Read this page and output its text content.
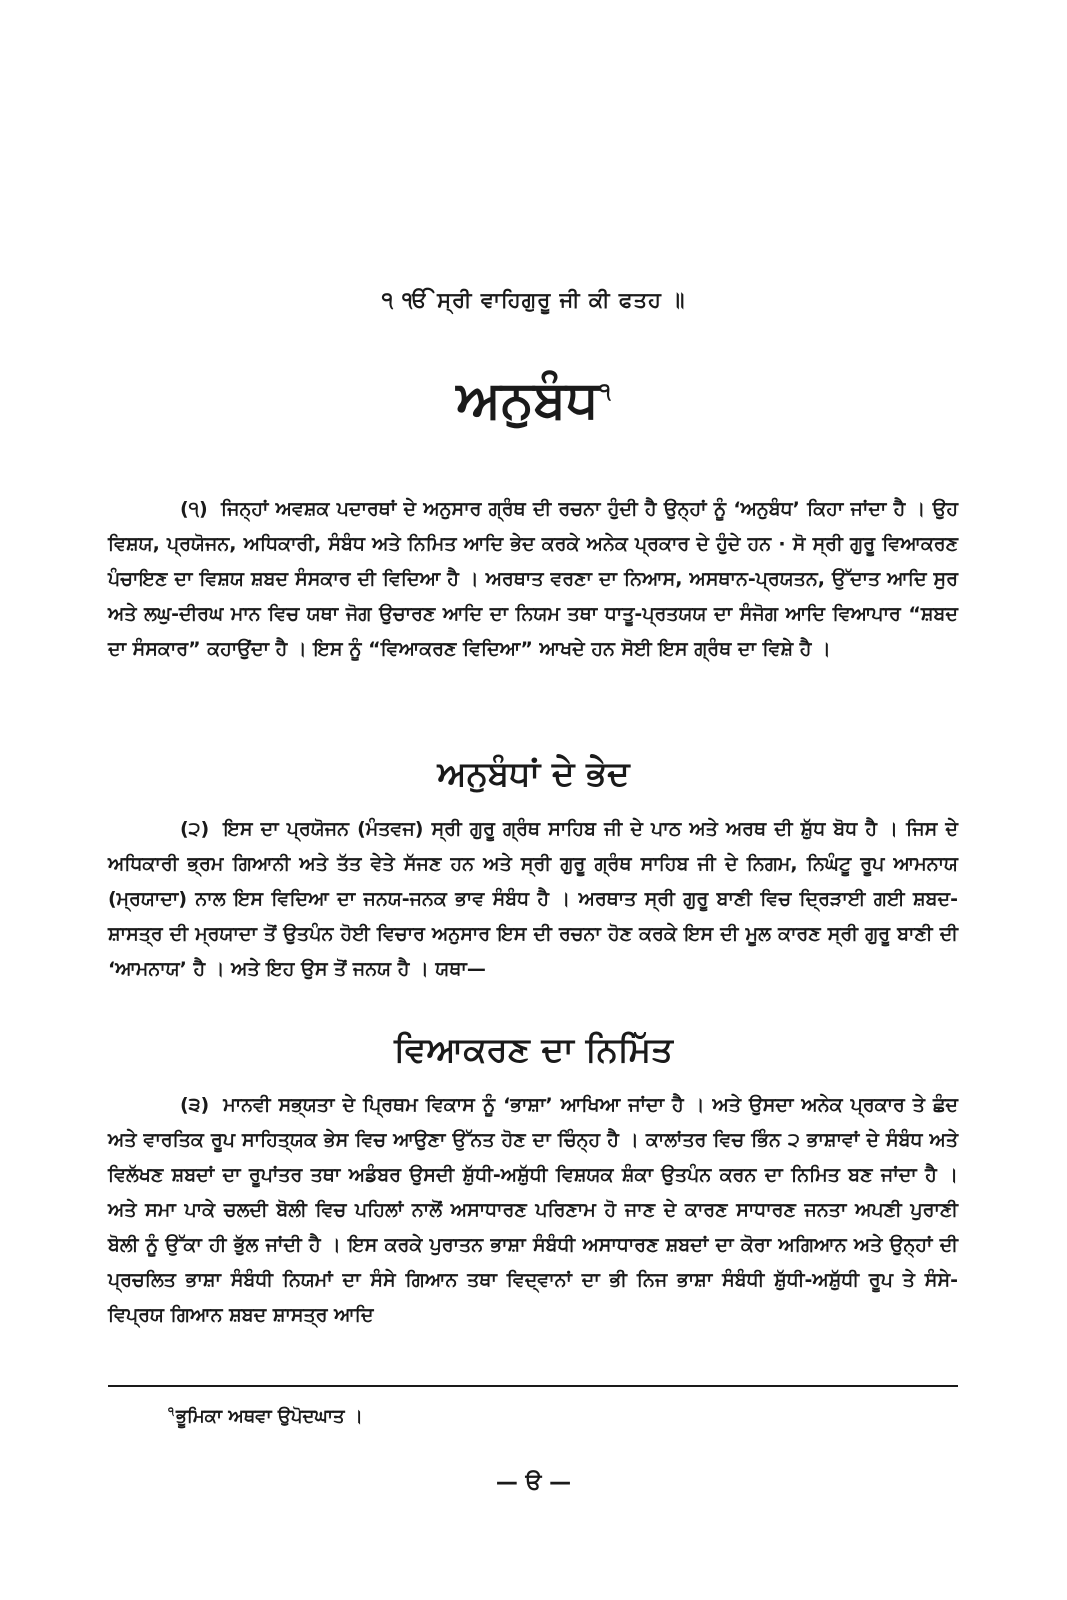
੧ ੴ ਸ੍ਰੀ ਵਾਹਿਗੁਰੂ ਜੀ ਕੀ ਫਤਹ ॥
ਅਨੁਬੰਧ$^੧$

(੧) ਜਿਨ੍ਹਾਂ ਅਵਸ਼ਕ ਪਦਾਰਥਾਂ ਦੇ ਅਨੁਸਾਰ ਗ੍ਰੰਥ ਦੀ ਰਚਨਾ ਹੁੰਦੀ ਹੈ ਉਨ੍ਹਾਂ ਨੂੰ ‘ਅਨੁਬੰਧ’ ਕਿਹਾ ਜਾਂਦਾ ਹੈ । ਉਹ ਵਿਸ਼ਯ, ਪ੍ਰਯੋਜਨ, ਅਧਿਕਾਰੀ, ਸੰਬੰਧ ਅਤੇ ਨਿਮਿਤ ਆਦਿ ਭੇਦ ਕਰਕੇ ਅਨੇਕ ਪ੍ਰਕਾਰ ਦੇ ਹੁੰਦੇ ਹਨ · ਸੋ ਸ੍ਰੀ ਗੁਰੂ ਵਿਆਕਰਣ ਪੰਚਾਇਣ ਦਾ ਵਿਸ਼ਯ ਸ਼ਬਦ ਸੰਸਕਾਰ ਦੀ ਵਿਦਿਆ ਹੈ । ਅਰਥਾਤ ਵਰਣਾ ਦਾ ਨਿਆਸ, ਅਸਥਾਨ-ਪ੍ਰਯਤਨ, ਉੱਦਾਤ ਆਦਿ ਸੁਰ ਅਤੇ ਲਘੁ-ਦੀਰਘ ਮਾਨ ਵਿਚ ਯਥਾ ਜੋਗ ਉਚਾਰਣ ਆਦਿ ਦਾ ਨਿਯਮ ਤਥਾ ਧਾਤੂ-ਪ੍ਰਤਯਯ ਦਾ ਸੰਜੋਗ ਆਦਿ ਵਿਆਪਾਰ “ਸ਼ਬਦ ਦਾ ਸੰਸਕਾਰ” ਕਹਾਉਂਦਾ ਹੈ । ਇਸ ਨੂੰ “ਵਿਆਕਰਣ ਵਿਦਿਆ” ਆਖਦੇ ਹਨ ਸੋਈ ਇਸ ਗ੍ਰੰਥ ਦਾ ਵਿਸ਼ੇ ਹੈ ।

ਅਨੁਬੰਧਾਂ ਦੇ ਭੇਦ

(੨) ਇਸ ਦਾ ਪ੍ਰਯੋਜਨ (ਮੰਤਵਜ) ਸ੍ਰੀ ਗੁਰੂ ਗ੍ਰੰਥ ਸਾਹਿਬ ਜੀ ਦੇ ਪਾਠ ਅਤੇ ਅਰਥ ਦੀ ਸ਼ੁੱਧ ਬੋਧ ਹੈ । ਜਿਸ ਦੇ ਅਧਿਕਾਰੀ ਭ੍ਰਮ ਗਿਆਨੀ ਅਤੇ ਤੱਤ ਵੇਤੇ ਸੱਜਣ ਹਨ ਅਤੇ ਸ੍ਰੀ ਗੁਰੂ ਗ੍ਰੰਥ ਸਾਹਿਬ ਜੀ ਦੇ ਨਿਗਮ, ਨਿਘੰਟੂ ਰੂਪ ਆਮਨਾਯ (ਮ੍ਰਯਾਦਾ) ਨਾਲ ਇਸ ਵਿਦਿਆ ਦਾ ਜਨਯ-ਜਨਕ ਭਾਵ ਸੰਬੰਧ ਹੈ । ਅਰਥਾਤ ਸ੍ਰੀ ਗੁਰੂ ਬਾਣੀ ਵਿਚ ਦ੍ਰਿੜਾਈ ਗਈ ਸ਼ਬਦ-ਸ਼ਾਸਤ੍ਰ ਦੀ ਮ੍ਰਯਾਦਾ ਤੋਂ ਉਤਪੰਨ ਹੋਈ ਵਿਚਾਰ ਅਨੁਸਾਰ ਇਸ ਦੀ ਰਚਨਾ ਹੋਣ ਕਰਕੇ ਇਸ ਦੀ ਮੂਲ ਕਾਰਣ ਸ੍ਰੀ ਗੁਰੂ ਬਾਣੀ ਦੀ ‘ਆਮਨਾਯ’ ਹੈ । ਅਤੇ ਇਹ ਉਸ ਤੋਂ ਜਨਯ ਹੈ । ਯਥਾ—

ਵਿਆਕਰਣ ਦਾ ਨਿਮਿੱਤ

(੩) ਮਾਨਵੀ ਸਭ੍ਯਤਾ ਦੇ ਪ੍ਰਿਥਮ ਵਿਕਾਸ ਨੂੰ ‘ਭਾਸ਼ਾ’ ਆਖਿਆ ਜਾਂਦਾ ਹੈ । ਅਤੇ ਉਸਦਾ ਅਨੇਕ ਪ੍ਰਕਾਰ ਤੇ ਛੰਦ ਅਤੇ ਵਾਰਤਿਕ ਰੂਪ ਸਾਹਿਤ੍ਯਕ ਭੇਸ ਵਿਚ ਆਉਣਾ ਉੱਨਤ ਹੋਣ ਦਾ ਚਿੰਨ੍ਹ ਹੈ । ਕਾਲਾਂਤਰ ਵਿਚ ਭਿੰਨ ੨ ਭਾਸ਼ਾਵਾਂ ਦੇ ਸੰਬੰਧ ਅਤੇ ਵਿਲੱਖਣ ਸ਼ਬਦਾਂ ਦਾ ਰੂਪਾਂਤਰ ਤਥਾ ਅਡੰਬਰ ਉਸਦੀ ਸ਼ੁੱਧੀ-ਅਸ਼ੁੱਧੀ ਵਿਸ਼ਯਕ ਸ਼ੰਕਾ ਉਤਪੰਨ ਕਰਨ ਦਾ ਨਿਮਿਤ ਬਣ ਜਾਂਦਾ ਹੈ । ਅਤੇ ਸਮਾ ਪਾਕੇ ਚਲਦੀ ਬੋਲੀ ਵਿਚ ਪਹਿਲਾਂ ਨਾਲੋਂ ਅਸਾਧਾਰਣ ਪਰਿਣਾਮ ਹੋ ਜਾਣ ਦੇ ਕਾਰਣ ਸਾਧਾਰਣ ਜਨਤਾ ਅਪਣੀ ਪੁਰਾਣੀ ਬੋਲੀ ਨੂੰ ਉੱਕਾ ਹੀ ਭੁੱਲ ਜਾਂਦੀ ਹੈ । ਇਸ ਕਰਕੇ ਪੁਰਾਤਨ ਭਾਸ਼ਾ ਸੰਬੰਧੀ ਅਸਾਧਾਰਣ ਸ਼ਬਦਾਂ ਦਾ ਕੋਰਾ ਅਗਿਆਨ ਅਤੇ ਉਨ੍ਹਾਂ ਦੀ ਪ੍ਰਚਲਿਤ ਭਾਸ਼ਾ ਸੰਬੰਧੀ ਨਿਯਮਾਂ ਦਾ ਸੰਸੇ ਗਿਆਨ ਤਥਾ ਵਿਦ੍ਵਾਨਾਂ ਦਾ ਭੀ ਨਿਜ ਭਾਸ਼ਾ ਸੰਬੰਧੀ ਸ਼ੁੱਧੀ-ਅਸ਼ੁੱਧੀ ਰੂਪ ਤੇ ਸੰਸੇ-ਵਿਪ੍ਰਯ ਗਿਆਨ ਸ਼ਬਦ ਸ਼ਾਸਤ੍ਰ ਆਦਿ

$^੧$ ਭੂਮਿਕਾ ਅਥਵਾ ਉਪੋਦਘਾਤ ।
— ੳ —
